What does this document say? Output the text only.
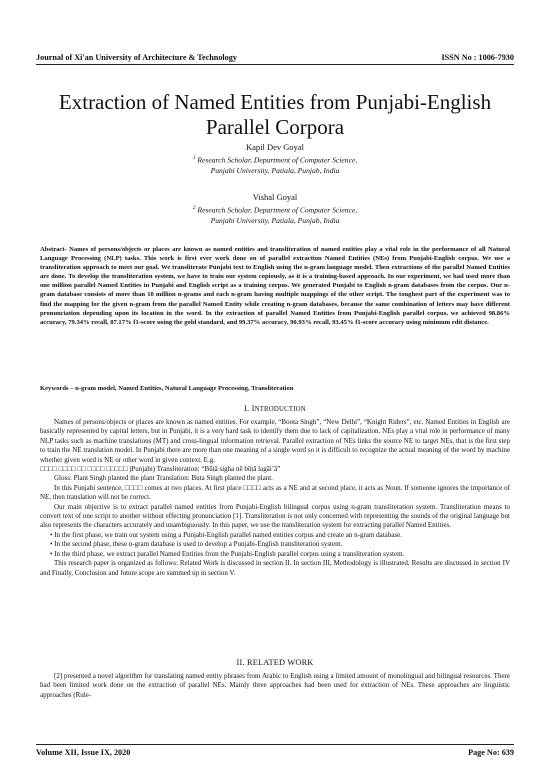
Journal of Xi'an University of Architecture & Technology	ISSN No : 1006-7930
Extraction of Named Entities from Punjabi-English Parallel Corpora
Kapil Dev Goyal
$^1$ Research Scholar, Department of Computer Science,
Punjabi University, Patiala, Punjab, India
Vishal Goyal
$^2$ Research Scholar, Department of Computer Science,
Punjabi University, Patiala, Punjab, India
Abstract- Names of persons/objects or places are known as named entities and transliteration of named entities play a vital role in the performance of all Natural Language Processing (NLP) tasks. This work is first ever work done on of parallel extraction Named Entities (NEs) from Punjabi-English corpus. We use a transliteration approach to meet our goal. We transliterate Punjabi text to English using the n-gram language model. Then extractions of the parallel Named Entities are done. To develop the transliteration system, we have to train our system copiously, as it is a training-based approach. In our experiment, we had used more than one million parallel Named Entities in Punjabi and English script as a training corpus. We generated Punjabi to English n-gram databases from the corpus. Our n-gram database consists of more than 10 million n-grams and each n-gram having multiple mappings of the other script. The toughest part of the experiment was to find the mapping for the given n-gram from the parallel Named Entity while creating n-gram databases, because the same combination of letters may have different pronunciation depending upon its location in the word. In the extraction of parallel Named Entities from Punjabi-English parallel corpus, we achieved 98.86% accuracy, 79.34% recall, 87.17% f1-score using the gold standard, and 99.37% accuracy, 90.93% recall, 93.45% f1-score accuracy using minimum edit distance.
Keywords – n-gram model, Named Entities, Natural Language Processing, Transliteration
I. INTRODUCTION

Names of persons/objects or places are known as named entities. For example, “Boota Singh”, “New Delhi”, “Knight Riders”, etc. Named Entities in English are basically represented by capital letters, but in Punjabi, it is a very hard task to identify them due to lack of capitalization. NEs play a vital role in performance of many NLP tasks such as machine translations (MT) and cross-lingual information retrieval. Parallel extraction of NEs links the source NE to target NEs, that is the first step to train the NE translation model. In Punjabi there are more than one meaning of a single word so it is difficult to recognize the actual meaning of the word by machine whether given word is NE or other word in given context. E.g.

□□□□ □□□□ □□ □□□□ □□□□□ )Punjabi) Transliteration: “Būṭā sigha nē būṭā lagāi’ā”

Gloss: Plant Singh planted the plant Translation: Buta Singh planted the plant.

In this Punjabi sentence, □□□□ comes at two places. At first place □□□□ acts as a NE and at second place, it acts as Noun. If someone ignores the importance of NE, then translation will not be correct.

Our main objective is to extract parallel named entities from Punjabi-English bilingual corpus using n-gram transliteration system. Transliteration means to convert text of one script to another without effecting pronunciation [1]. Transliteration is not only concerned with representing the sounds of the original language but also represents the characters accurately and unambiguously. In this paper, we use the transliteration system for extracting parallel Named Entities.

• In the first phase, we train our system using a Punjabi-English parallel named entities corpus and create an n-gram database.

• In the second phase, these n-gram database is used to develop a Punjabi-English transliteration system.

• In the third phase, we extract parallel Named Entities from the Punjabi-English parallel corpus using a transliteration system.

This research paper is organized as follows: Related Work is discussed in section II. In section III, Methodology is illustrated. Results are discussed in section IV and Finally, Conclusion and future scope are summed up in section V.

II. RELATED WORK

[2] presented a novel algorithm for translating named entity phrases from Arabic to English using a limited amount of monolingual and bilingual resources. There had been limited work done on the extraction of parallel NEs. Mainly three approaches had been used for extraction of NEs. These approaches are linguistic approaches (Rule-

Volume XII, Issue IX, 2020	Page No: 639
